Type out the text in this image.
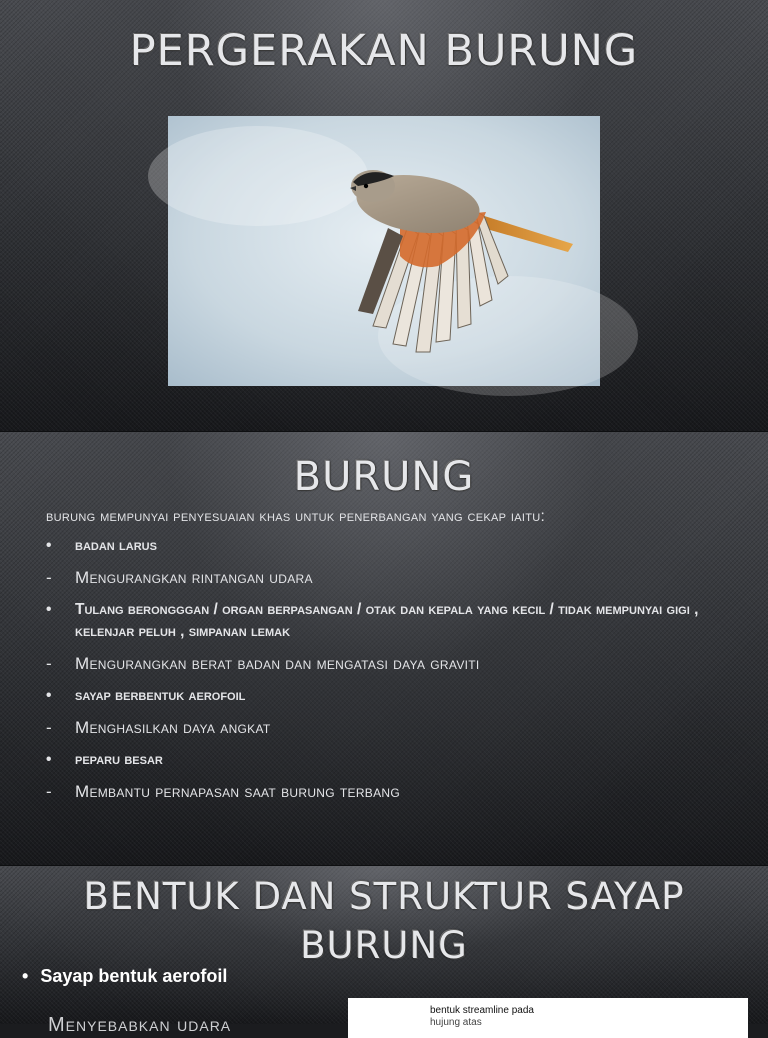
PERGERAKAN BURUNG
BURUNG

burung mempunyai penyesuaian khas untuk penerbangan yang cekap iaitu:

• badan larus
- Mengurangkan rintangan udara
• Tulang berongggan / organ berpasangan / otak dan kepala yang kecil / tidak mempunyai gigi , kelenjar peluh , simpanan lemak
- Mengurangkan berat badan dan mengatasi daya graviti
• sayap berbentuk aerofoil
- Menghasilkan daya angkat
• peparu besar
- Membantu pernapasan saat burung terbang
BENTUK DAN STRUKTUR SAYAP
BURUNG
• Sayap bentuk aerofoil
Menyebabkan udara
bentuk streamline pada
hujung atas
